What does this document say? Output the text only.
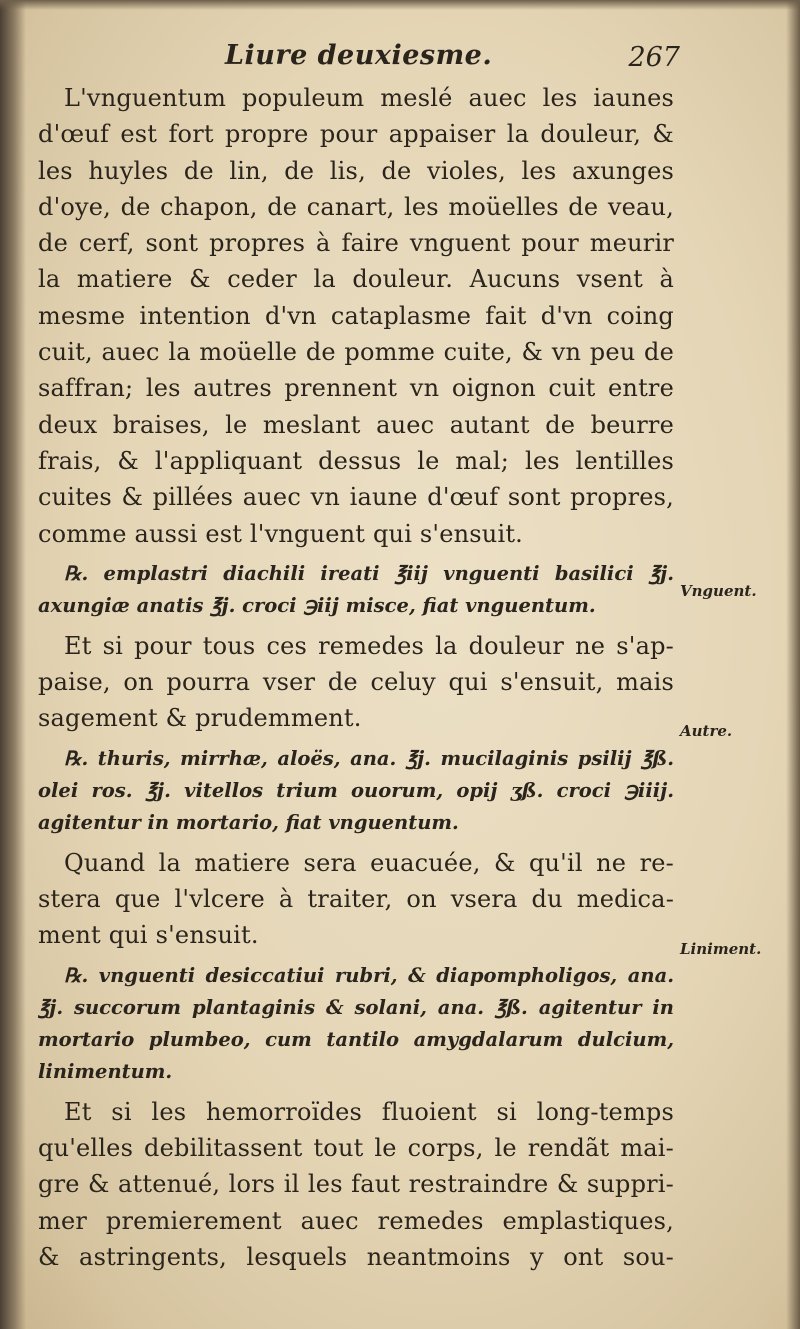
Liure deuxiesme.	267
L'vnguentum populeum meslé auec les iaunes
d'œuf est fort propre pour appaiser la douleur, &
les huyles de lin, de lis, de violes, les axunges
d'oye, de chapon, de canart, les moüelles de veau,
de cerf, sont propres à faire vnguent pour meurir
la matiere & ceder la douleur. Aucuns vsent à
mesme intention d'vn cataplasme fait d'vn coing
cuit, auec la moüelle de pomme cuite, & vn peu de
saffran; les autres prennent vn oignon cuit entre
deux braises, le meslant auec autant de beurre
frais, & l'appliquant dessus le mal; les lentilles
cuites & pillées auec vn iaune d'œuf sont propres,
comme aussi est l'vnguent qui s'ensuit.
℞. emplastri diachili ireati ℥iij vnguenti basilici ℥j.
axungiæ anatis ℥j. croci ℈iij misce, fiat vnguentum.
Et si pour tous ces remedes la douleur ne s'ap-
paise, on pourra vser de celuy qui s'ensuit, mais
sagement & prudemment.
℞. thuris, mirrhæ, aloës, ana. ℥j. mucilaginis psilij ℥ß.
olei ros. ℥j. vitellos trium ouorum, opij ʒß. croci ℈iiij.
agitentur in mortario, fiat vnguentum.
Quand la matiere sera euacuée, & qu'il ne re-
stera que l'vlcere à traiter, on vsera du medica-
ment qui s'ensuit.
℞. vnguenti desiccatiui rubri, & diapompholigos, ana.
℥j. succorum plantaginis & solani, ana. ℥ß. agitentur in
mortario plumbeo, cum tantilo amygdalarum dulcium,
linimentum.
Et si les hemorroïdes fluoient si long-temps
qu'elles debilitassent tout le corps, le rendãt mai-
gre & attenué, lors il les faut restraindre & suppri-
mer premierement auec remedes emplastiques,
& astringents, lesquels neantmoins y ont sou-
Vnguent.
Autre.
Liniment.
